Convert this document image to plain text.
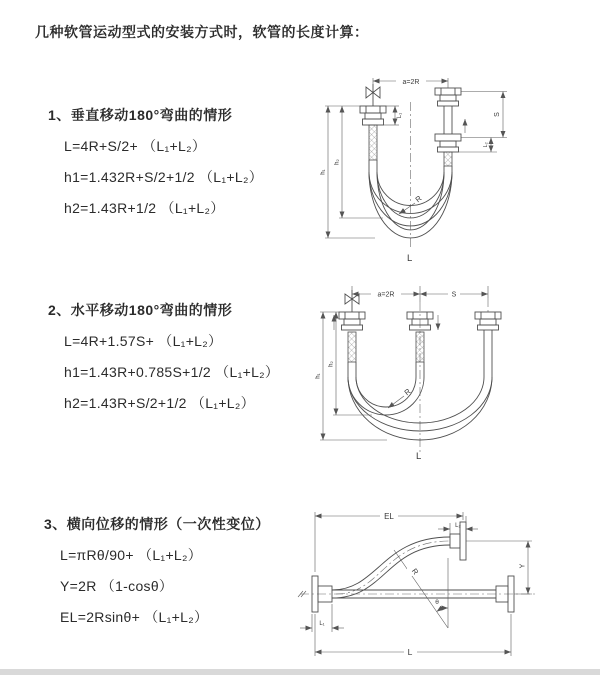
几种软管运动型式的安装方式时，软管的长度计算：
1、垂直移动180°弯曲的情形
L=4R+S/2+ （L₁+L₂）
h1=1.432R+S/2+1/2 （L₁+L₂）
h2=1.43R+1/2 （L₁+L₂）
2、水平移动180°弯曲的情形
L=4R+1.57S+ （L₁+L₂）
h1=1.43R+0.785S+1/2 （L₁+L₂）
h2=1.43R+S/2+1/2 （L₁+L₂）
3、横向位移的情形（一次性变位）
L=πRθ/90+ （L₁+L₂）
Y=2R （1-cosθ）
EL=2Rsinθ+ （L₁+L₂）
a=2R
L₁	S
L₂
h₁
h₂
R
L
a=2R	S
h₁
h₂
R
L
R
θ
EL
L₂
Y
L₁
L
